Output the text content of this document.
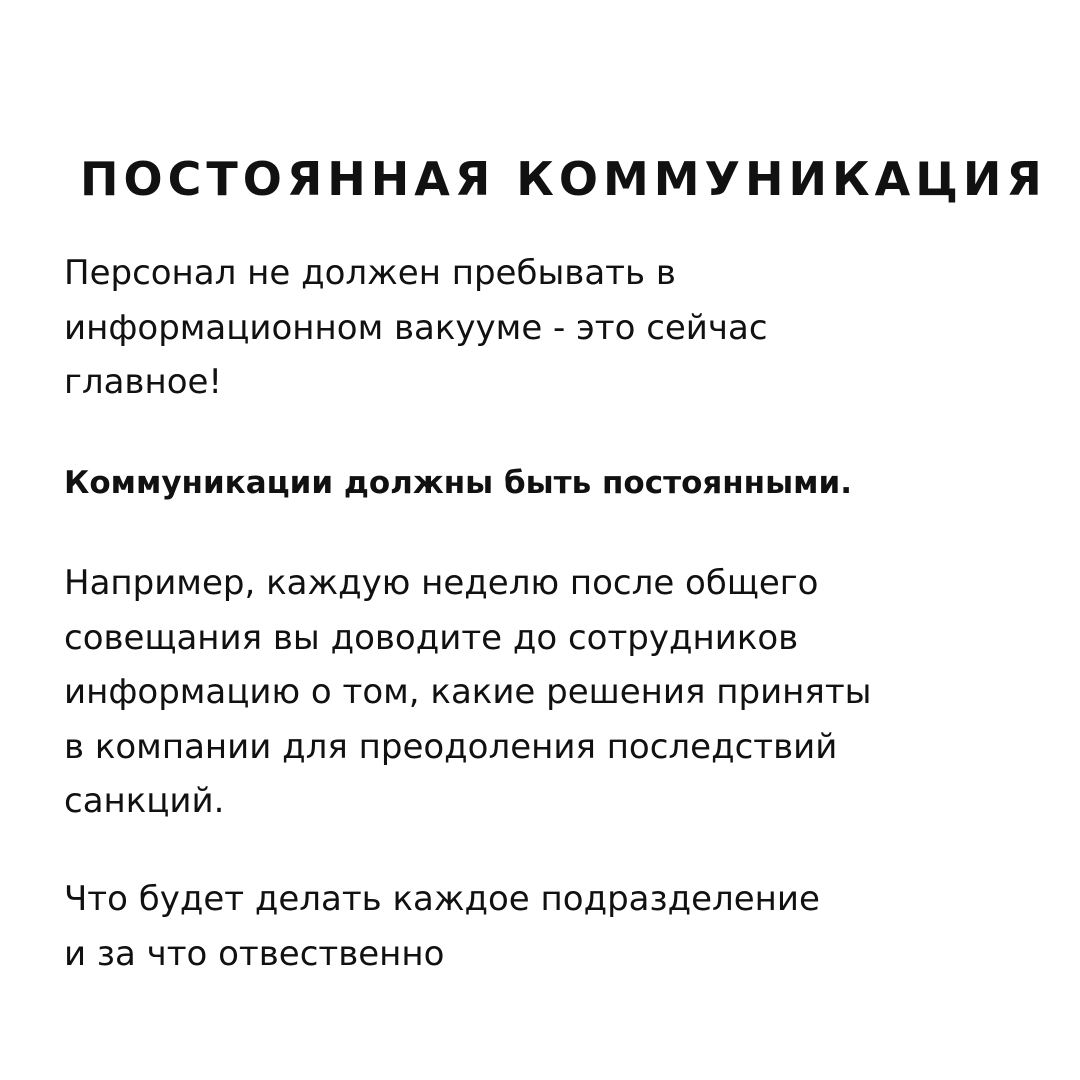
ПОСТОЯННАЯ КОММУНИКАЦИЯ

Персонал не должен пребывать в
информационном вакууме - это сейчас
главное!

Коммуникации должны быть постоянными.

Например, каждую неделю после общего
совещания вы доводите до сотрудников
информацию о том, какие решения приняты
в компании для преодоления последствий
санкций.

Что будет делать каждое подразделение
и за что отвественно
